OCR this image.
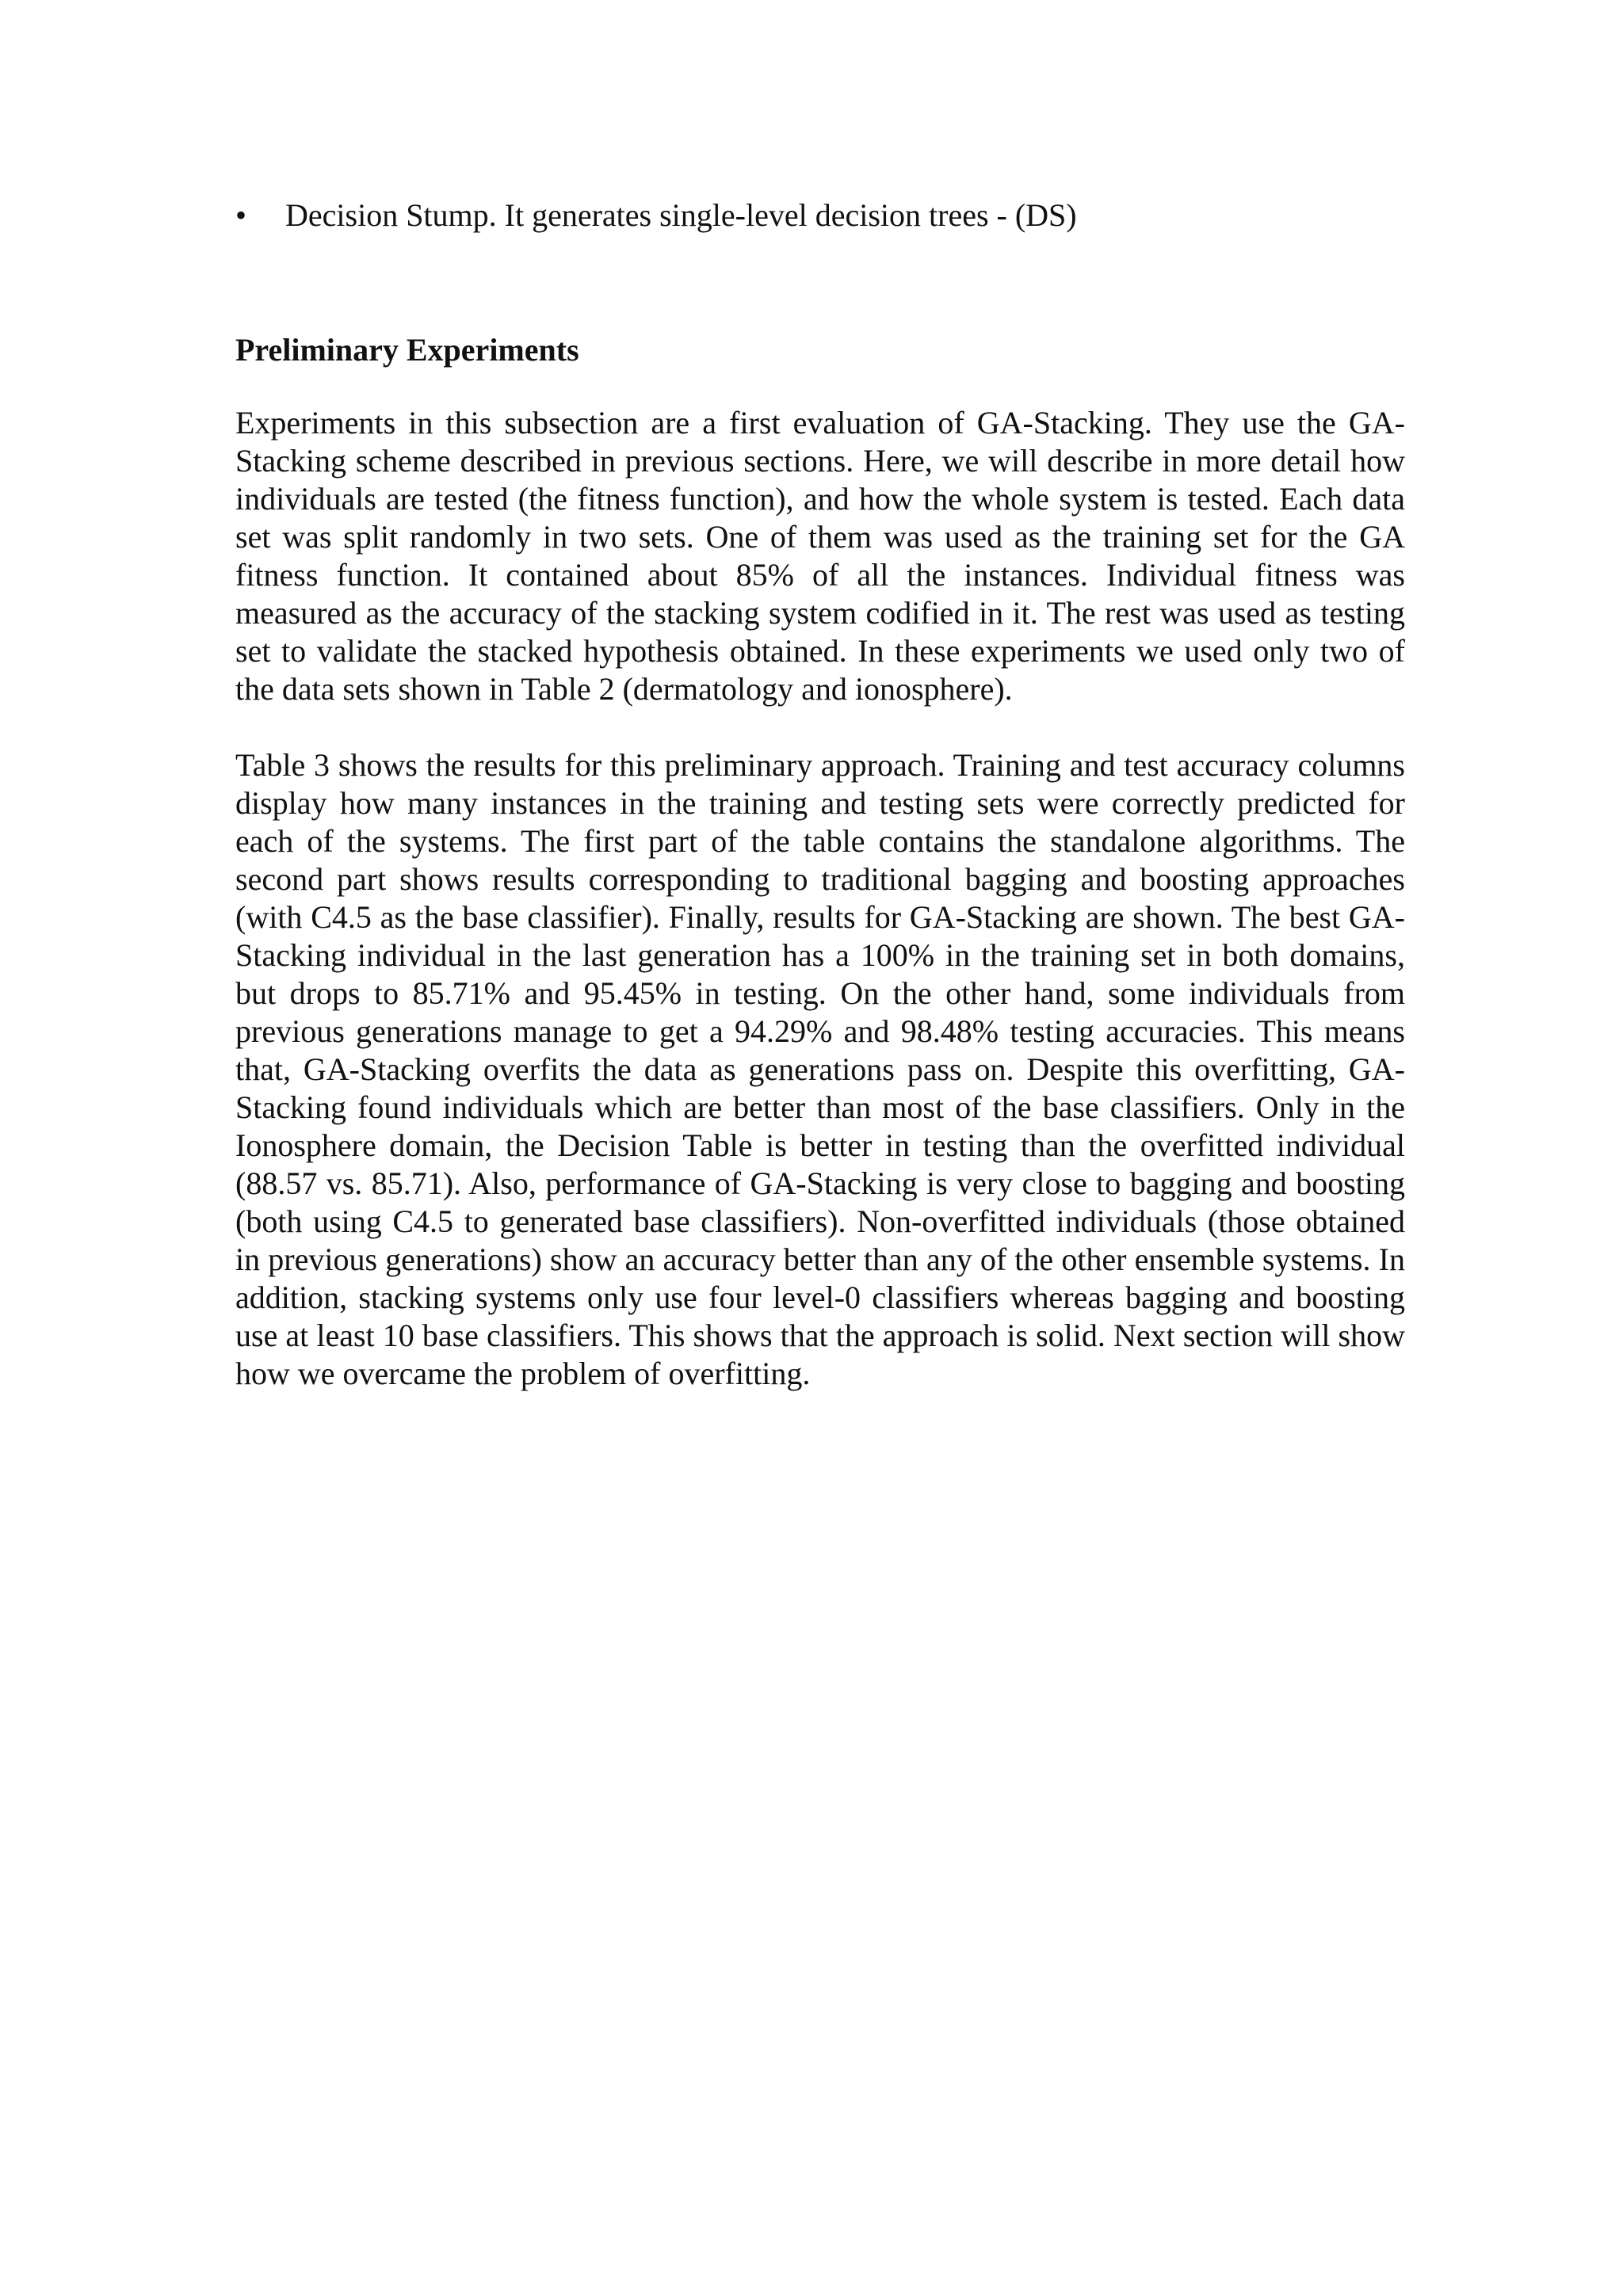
•	Decision Stump. It generates single-level decision trees - (DS)
Preliminary Experiments

Experiments in this subsection are a first evaluation of GA-Stacking. They use the GA-Stacking scheme described in previous sections. Here, we will describe in more detail how individuals are tested (the fitness function), and how the whole system is tested. Each data set was split randomly in two sets. One of them was used as the training set for the GA fitness function. It contained about 85% of all the instances. Individual fitness was measured as the accuracy of the stacking system codified in it. The rest was used as testing set to validate the stacked hypothesis obtained. In these experiments we used only two of the data sets shown in Table 2 (dermatology and ionosphere).

Table 3 shows the results for this preliminary approach. Training and test accuracy columns display how many instances in the training and testing sets were correctly predicted for each of the systems. The first part of the table contains the standalone algorithms. The second part shows results corresponding to traditional bagging and boosting approaches (with C4.5 as the base classifier). Finally, results for GA-Stacking are shown. The best GA-Stacking individual in the last generation has a 100% in the training set in both domains, but drops to 85.71% and 95.45% in testing. On the other hand, some individuals from previous generations manage to get a 94.29% and 98.48% testing accuracies. This means that, GA-Stacking overfits the data as generations pass on. Despite this overfitting, GA-Stacking found individuals which are better than most of the base classifiers. Only in the Ionosphere domain, the Decision Table is better in testing than the overfitted individual (88.57 vs. 85.71). Also, performance of GA-Stacking is very close to bagging and boosting (both using C4.5 to generated base classifiers). Non-overfitted individuals (those obtained in previous generations) show an accuracy better than any of the other ensemble systems. In addition, stacking systems only use four level-0 classifiers whereas bagging and boosting use at least 10 base classifiers. This shows that the approach is solid. Next section will show how we overcame the problem of overfitting.
